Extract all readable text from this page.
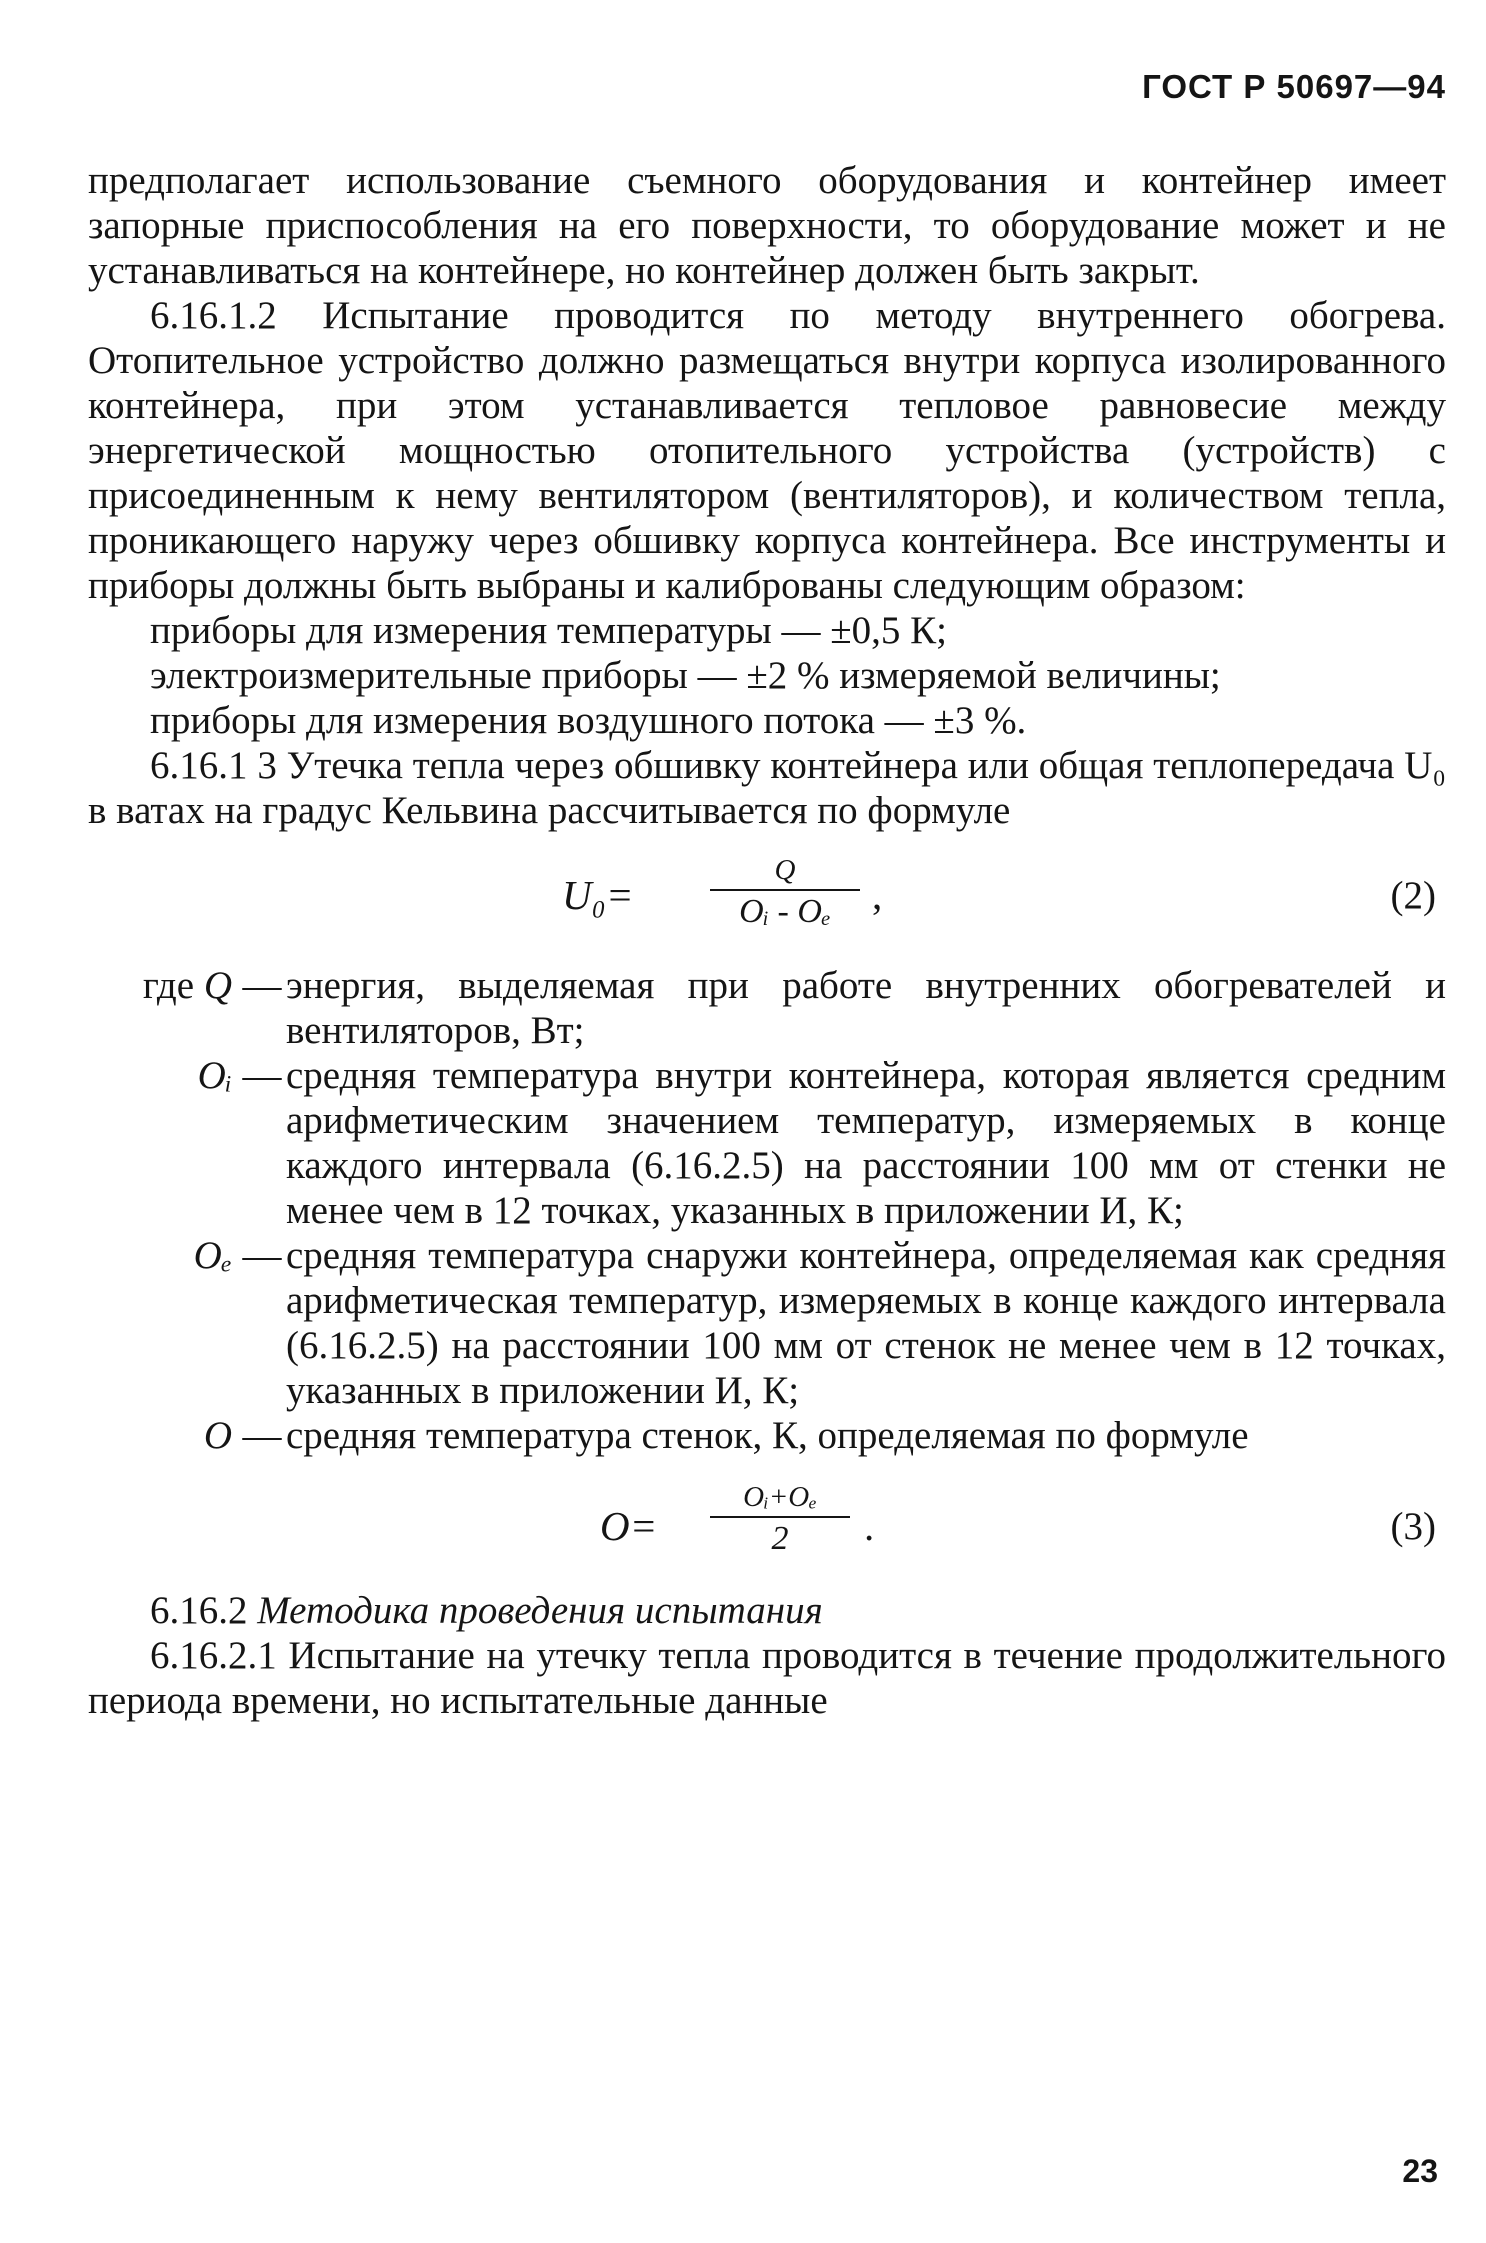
ГОСТ Р 50697—94

предполагает использование съемного оборудования и контейнер имеет запорные приспособления на его поверхности, то оборудование может и не устанавливаться на контейнере, но контейнер должен быть закрыт.

6.16.1.2 Испытание проводится по методу внутреннего обогрева. Отопительное устройство должно размещаться внутри корпуса изолированного контейнера, при этом устанавливается тепловое равновесие между энергетической мощностью отопительного устройства (устройств) с присоединенным к нему вентилятором (вентиляторов), и количеством тепла, проникающего наружу через обшивку корпуса контейнера. Все инструменты и приборы должны быть выбраны и калиброваны следующим образом:

приборы для измерения температуры — ±0,5 К;

электроизмерительные приборы — ±2 % измеряемой величины;

приборы для измерения воздушного потока — ±3 %.

6.16.1 3 Утечка тепла через обшивку контейнера или общая теплопередача U₀ в ватах на градус Кельвина рассчитывается по формуле

U₀=
Q
Oᵢ - Oₑ	,	(2)
где Q — энергия, выделяемая при работе внутренних обогревателей и вентиляторов, Вт;
Oᵢ — средняя температура внутри контейнера, которая является средним арифметическим значением температур, измеряемых в конце каждого интервала (6.16.2.5) на расстоянии 100 мм от стенки не менее чем в 12 точках, указанных в приложении И, К;
Oₑ — средняя температура снаружи контейнера, определяемая как средняя арифметическая температур, измеряемых в конце каждого интервала (6.16.2.5) на расстоянии 100 мм от стенок не менее чем в 12 точках, указанных в приложении И, К;
O — средняя температура стенок, К, определяемая по формуле
O=
Oᵢ+Oₑ
2	.	(3)

6.16.2 Методика проведения испытания

6.16.2.1 Испытание на утечку тепла проводится в течение продолжительного периода времени, но испытательные данные

23
